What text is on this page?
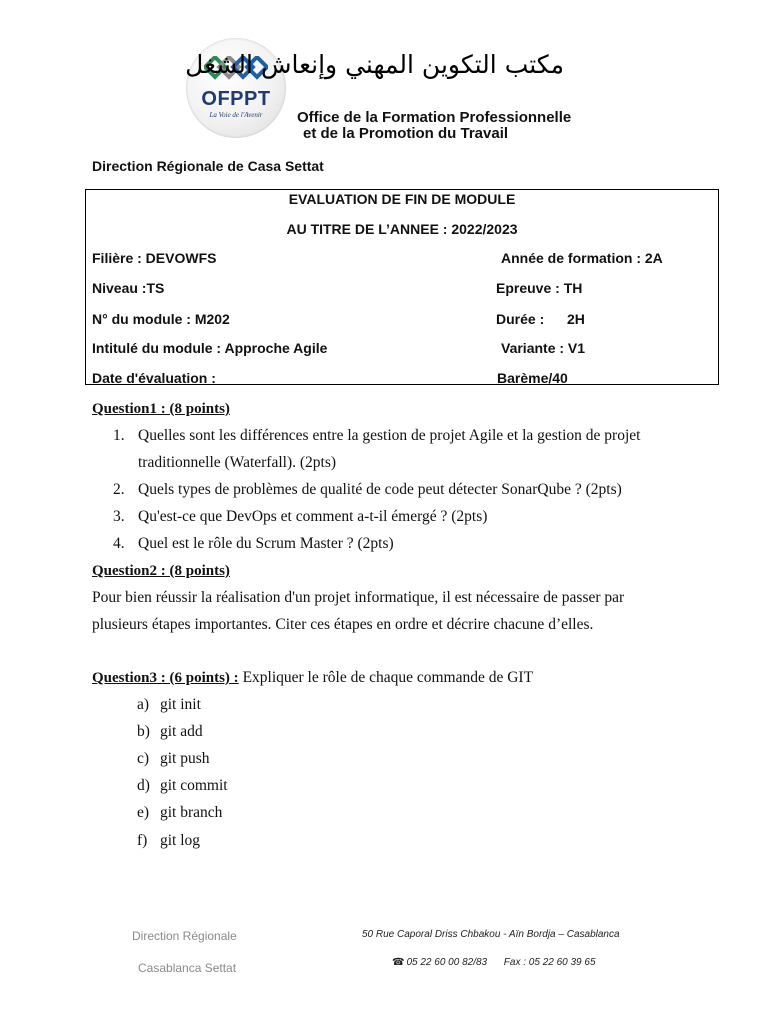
OFPPT
La Voie de l'Avenir
مكتب التكوين المهني وإنعاش الشغل
Office de la Formation Professionnelle
et de la Promotion du Travail
Direction Régionale de Casa Settat
EVALUATION DE FIN DE MODULE
AU TITRE DE L’ANNEE : 2022/2023
Filière : DEVOWFS	Année de formation : 2A
Niveau :TS	Epreuve : TH
N° du module : M202	Durée : 2H
Intitulé du module : Approche Agile	Variante : V1
Date d'évaluation :	Barème/40
Question1 : (8 points)
1. Quelles sont les différences entre la gestion de projet Agile et la gestion de projet
traditionnelle (Waterfall). (2pts)
2. Quels types de problèmes de qualité de code peut détecter SonarQube ? (2pts)
3. Qu'est-ce que DevOps et comment a-t-il émergé ? (2pts)
4. Quel est le rôle du Scrum Master ? (2pts)
Question2 : (8 points)
Pour bien réussir la réalisation d'un projet informatique, il est nécessaire de passer par
plusieurs étapes importantes. Citer ces étapes en ordre et décrire chacune d’elles.
Question3 : (6 points) : Expliquer le rôle de chaque commande de GIT
a) git init
b) git add
c) git push
d) git commit
e) git branch
f) git log
Direction Régionale
Casablanca Settat
50 Rue Caporal Driss Chbakou - Aïn Bordja – Casablanca
☎ 05 22 60 00 82/83 Fax : 05 22 60 39 65
